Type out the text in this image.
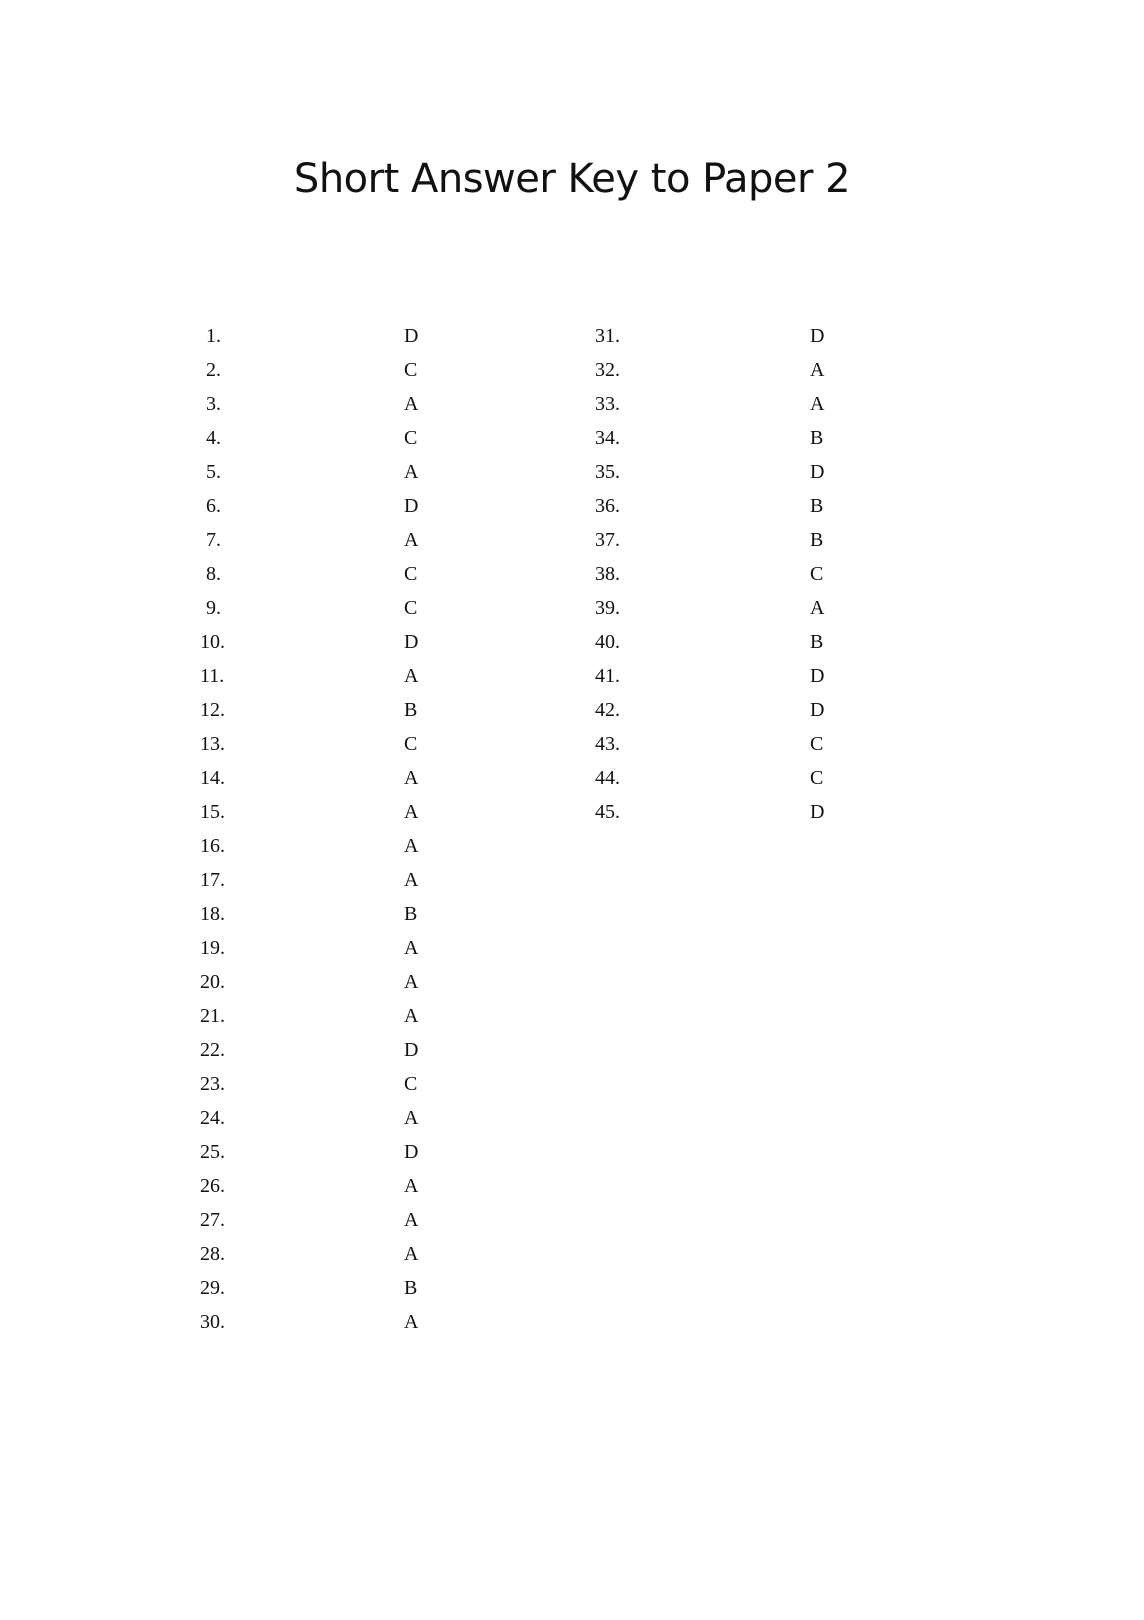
Short Answer Key to Paper 2
1.	D
2.	C
3.	A
4.	C
5.	A
6.	D
7.	A
8.	C
9.	C
10.	D
11.	A
12.	B
13.	C
14.	A
15.	A
16.	A
17.	A
18.	B
19.	A
20.	A
21.	A
22.	D
23.	C
24.	A
25.	D
26.	A
27.	A
28.	A
29.	B
30.	A
31.	D
32.	A
33.	A
34.	B
35.	D
36.	B
37.	B
38.	C
39.	A
40.	B
41.	D
42.	D
43.	C
44.	C
45.	D
